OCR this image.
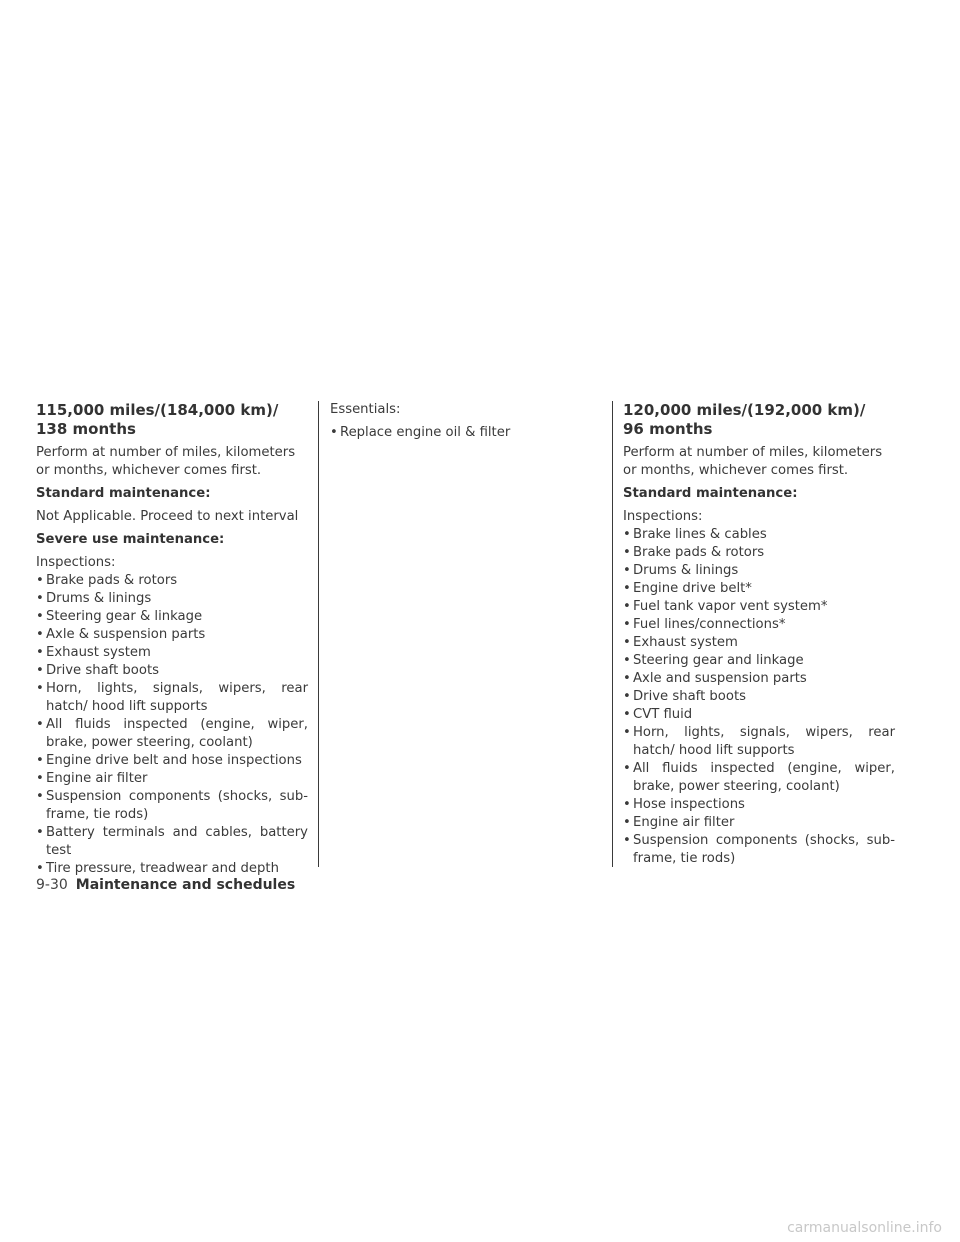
115,000 miles/(184,000 km)/
138 months

Perform at number of miles, kilometers or months, whichever comes first.

Standard maintenance:

Not Applicable. Proceed to next interval

Severe use maintenance:

Inspections:

• Brake pads & rotors
• Drums & linings
• Steering gear & linkage
• Axle & suspension parts
• Exhaust system
• Drive shaft boots
• Horn, lights, signals, wipers, rear hatch/ hood lift supports
• All fluids inspected (engine, wiper, brake, power steering, coolant)
• Engine drive belt and hose inspections
• Engine air filter
• Suspension components (shocks, sub- frame, tie rods)
• Battery terminals and cables, battery test
• Tire pressure, treadwear and depth

Essentials:

• Replace engine oil & filter
120,000 miles/(192,000 km)/
96 months

Perform at number of miles, kilometers or months, whichever comes first.

Standard maintenance:

Inspections:

• Brake lines & cables
• Brake pads & rotors
• Drums & linings
• Engine drive belt*
• Fuel tank vapor vent system*
• Fuel lines/connections*
• Exhaust system
• Steering gear and linkage
• Axle and suspension parts
• Drive shaft boots
• CVT fluid
• Horn, lights, signals, wipers, rear hatch/ hood lift supports
• All fluids inspected (engine, wiper, brake, power steering, coolant)
• Hose inspections
• Engine air filter
• Suspension components (shocks, sub- frame, tie rods)
9-30 Maintenance and schedules
carmanualsonline.info
